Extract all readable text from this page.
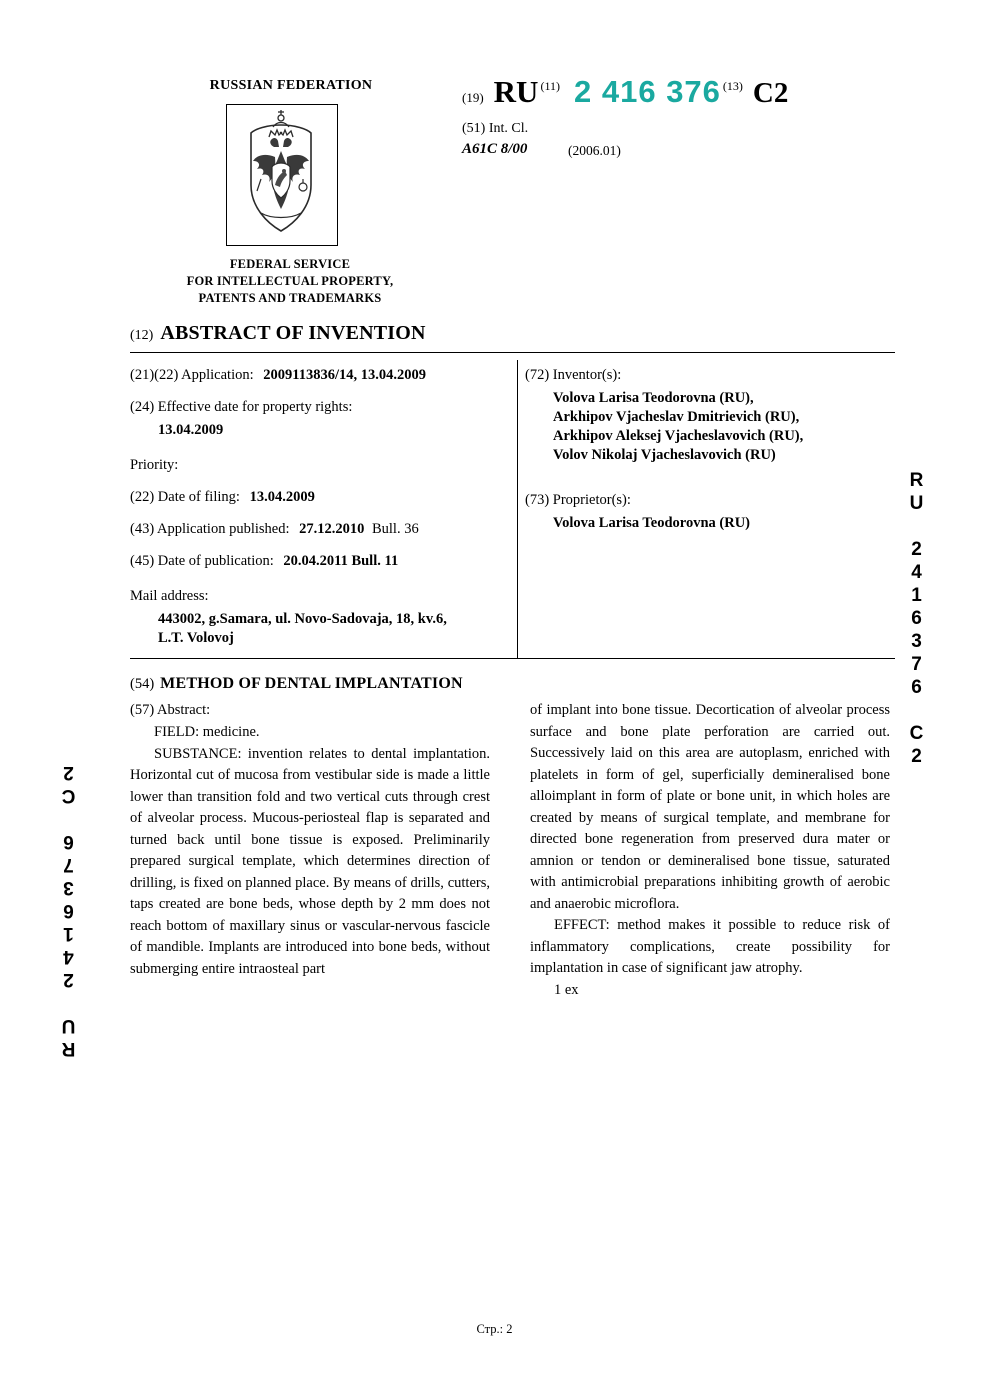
RUSSIAN FEDERATION
FEDERAL SERVICE
FOR INTELLECTUAL PROPERTY,
PATENTS AND TRADEMARKS
(19) RU (11) 2 416 376 (13) C2
(51) Int. Cl.
A61C 8/00	(2006.01)
(12) ABSTRACT OF INVENTION
(21)(22) Application: 2009113836/14, 13.04.2009
(24) Effective date for property rights:
13.04.2009
Priority:
(22) Date of filing: 13.04.2009
(43) Application published: 27.12.2010 Bull. 36
(45) Date of publication: 20.04.2011 Bull. 11
Mail address:
443002, g.Samara, ul. Novo-Sadovaja, 18, kv.6,
L.T. Volovoj
(72) Inventor(s):
Volova Larisa Teodorovna (RU),
Arkhipov Vjacheslav Dmitrievich (RU),
Arkhipov Aleksej Vjacheslavovich (RU),
Volov Nikolaj Vjacheslavovich (RU)
(73) Proprietor(s):
Volova Larisa Teodorovna (RU)
(54) METHOD OF DENTAL IMPLANTATION
(57) Abstract:

FIELD: medicine.

SUBSTANCE: invention relates to dental implantation. Horizontal cut of mucosa from vestibular side is made a little lower than transition fold and two vertical cuts through crest of alveolar process. Mucous-periosteal flap is separated and turned back until bone tissue is exposed. Preliminarily prepared surgical template, which determines direction of drilling, is fixed on planned place. By means of drills, cutters, taps created are bone beds, whose depth by 2 mm does not reach bottom of maxillary sinus or vascular-nervous fascicle of mandible. Implants are introduced into bone beds, without submerging entire intraosteal part

of implant into bone tissue. Decortication of alveolar process surface and bone plate perforation are carried out. Successively laid on this area are autoplasm, enriched with platelets in form of gel, superficially demineralised bone alloimplant in form of plate or bone unit, in which holes are created by means of surgical template, and membrane for directed bone regeneration from preserved dura mater or amnion or tendon or demineralised bone tissue, saturated with antimicrobial preparations inhibiting growth of aerobic and anaerobic microflora.

EFFECT: method makes it possible to reduce risk of inflammatory complications, create possibility for implantation in case of significant jaw atrophy.

1 ex

RU 2416376 C2
RU 2416376 C2
Стр.: 2
